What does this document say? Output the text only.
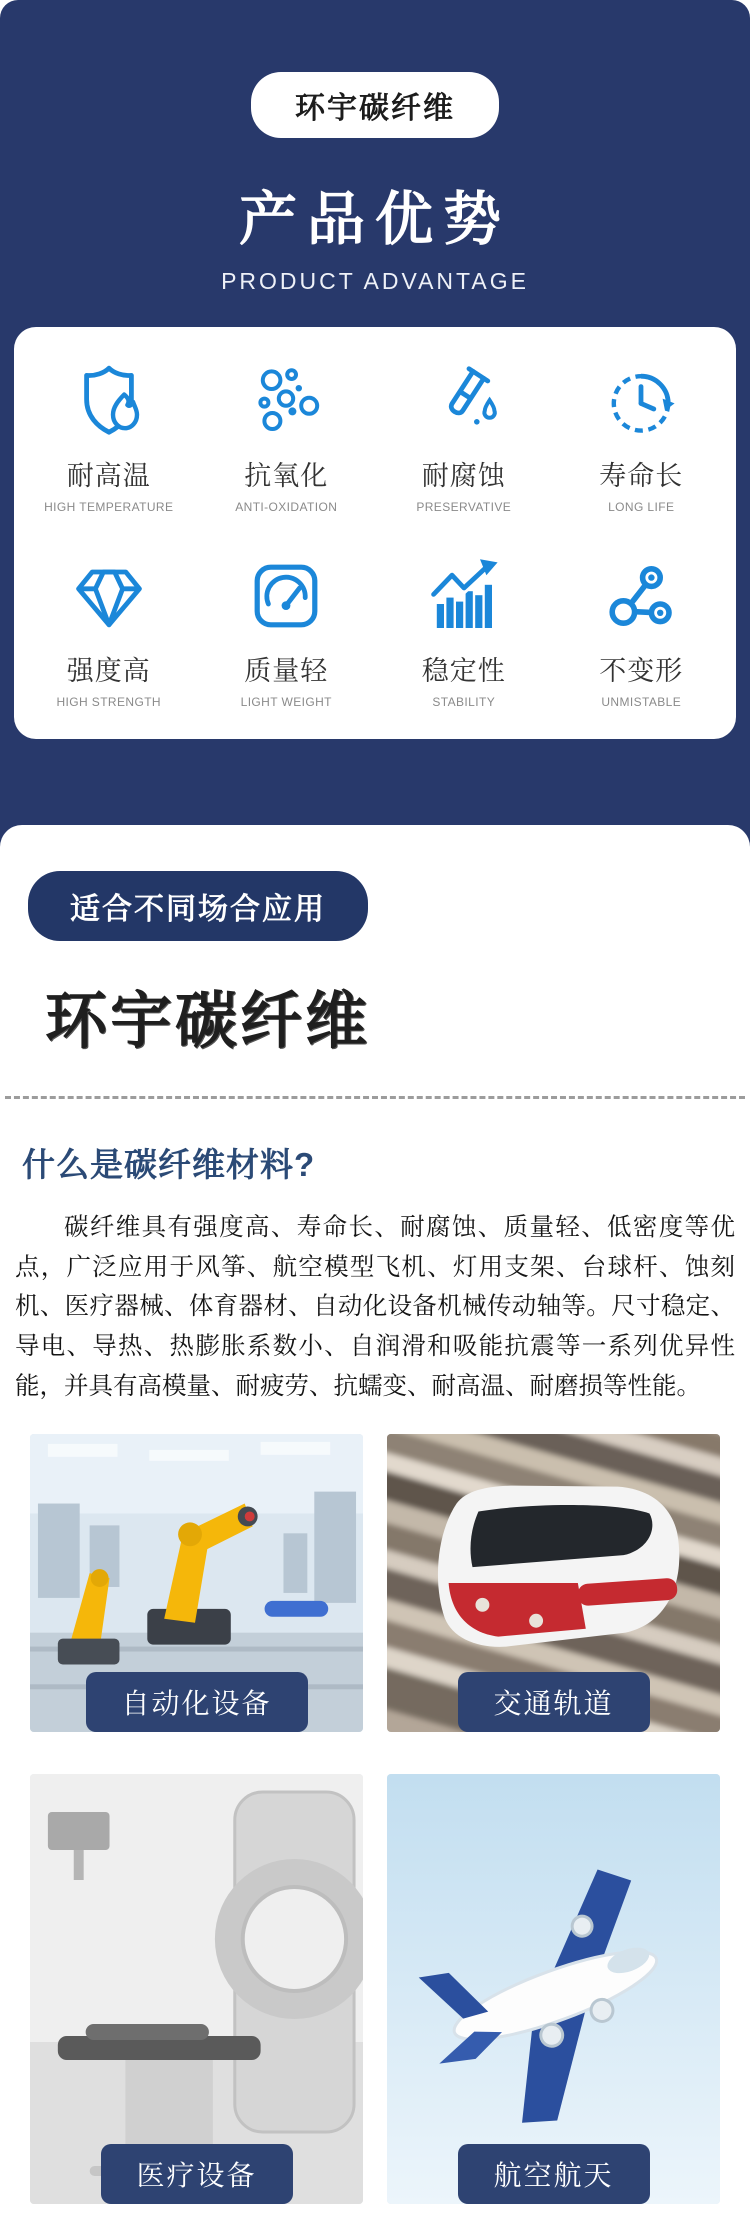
环宇碳纤维
产品优势
PRODUCT ADVANTAGE
耐高温
HIGH TEMPERATURE
抗氧化
ANTI-OXIDATION
耐腐蚀
PRESERVATIVE
寿命长
LONG LIFE
强度高
HIGH STRENGTH
质量轻
LIGHT WEIGHT
稳定性
STABILITY
不变形
UNMISTABLE
适合不同场合应用
环宇碳纤维
什么是碳纤维材料?

碳纤维具有强度高、寿命长、耐腐蚀、质量轻、低密度等优点，广泛应用于风筝、航空模型飞机、灯用支架、台球杆、蚀刻机、医疗器械、体育器材、自动化设备机械传动轴等。尺寸稳定、导电、导热、热膨胀系数小、自润滑和吸能抗震等一系列优异性能，并具有高模量、耐疲劳、抗蠕变、耐高温、耐磨损等性能。

自动化设备	交通轨道
医疗设备	航空航天
